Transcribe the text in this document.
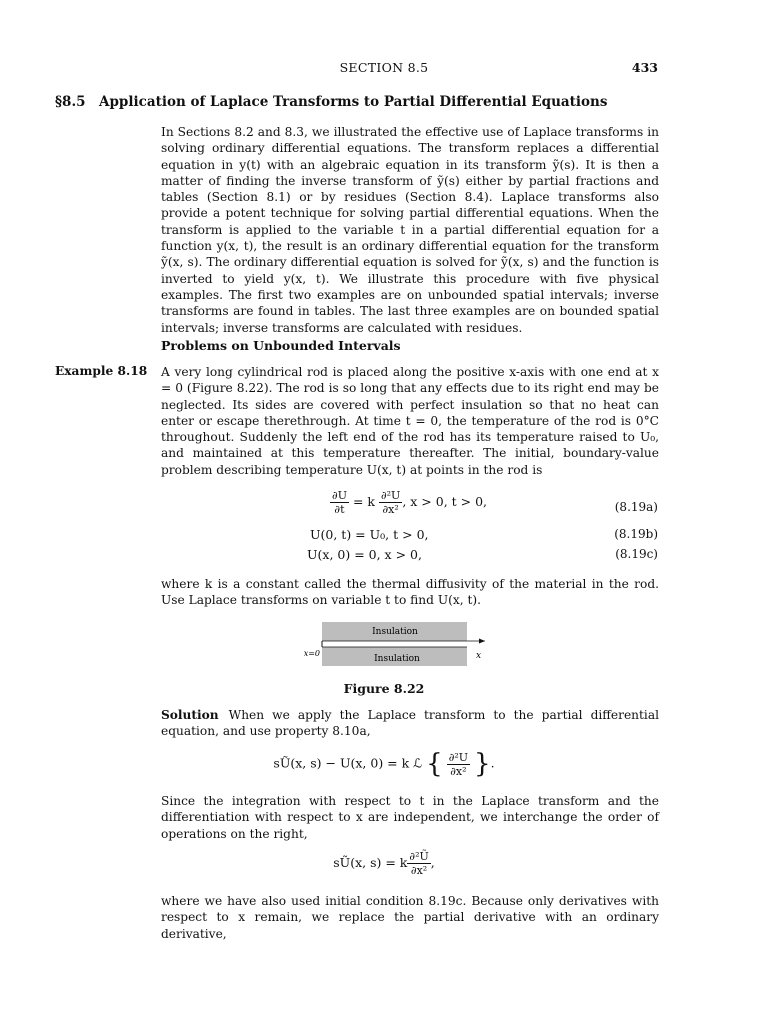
SECTION 8.5	433
§8.5 Application of Laplace Transforms to Partial Differential Equations
In Sections 8.2 and 8.3, we illustrated the effective use of Laplace transforms in solving ordinary differential equations. The transform replaces a differential equation in y(t) with an algebraic equation in its transform ỹ(s). It is then a matter of finding the inverse transform of ỹ(s) either by partial fractions and tables (Section 8.1) or by residues (Section 8.4). Laplace transforms also provide a potent technique for solving partial differential equations. When the transform is applied to the variable t in a partial differential equation for a function y(x, t), the result is an ordinary differential equation for the transform ỹ(x, s). The ordinary differential equation is solved for ỹ(x, s) and the function is inverted to yield y(x, t). We illustrate this procedure with five physical examples. The first two examples are on unbounded spatial intervals; inverse transforms are found in tables. The last three examples are on bounded spatial intervals; inverse transforms are calculated with residues.
Problems on Unbounded Intervals
Example 8.18 A very long cylindrical rod is placed along the positive x-axis with one end at x = 0 (Figure 8.22). The rod is so long that any effects due to its right end may be neglected. Its sides are covered with perfect insulation so that no heat can enter or escape therethrough. At time t = 0, the temperature of the rod is 0°C throughout. Suddenly the left end of the rod has its temperature raised to U₀, and maintained at this temperature thereafter. The initial, boundary-value problem describing temperature U(x, t) at points in the rod is
$\frac{\partial U}{\partial t} = k \frac{\text{∂²U}}{\text{∂x²}}$ , x > 0, t > 0,	(8.19a)
U(0, t) = U₀, t > 0,	(8.19b)
U(x, 0) = 0, x > 0,	(8.19c)
where k is a constant called the thermal diffusivity of the material in the rod. Use Laplace transforms on variable t to find U(x, t).
Insulation
Insulation
x=0	x
Figure 8.22
Solution When we apply the Laplace transform to the partial differential equation, and use property 8.10a,
sŨ(x, s) − U(x, 0) = k ℒ { $\frac{\text{∂²U}}{\text{∂x²}}$ }.
Since the integration with respect to t in the Laplace transform and the differentiation with respect to x are independent, we interchange the order of operations on the right,
sŨ(x, s) = k $\frac{\text{∂²Ũ}}{\text{∂x²}}$ ,
where we have also used initial condition 8.19c. Because only derivatives with respect to x remain, we replace the partial derivative with an ordinary derivative,
